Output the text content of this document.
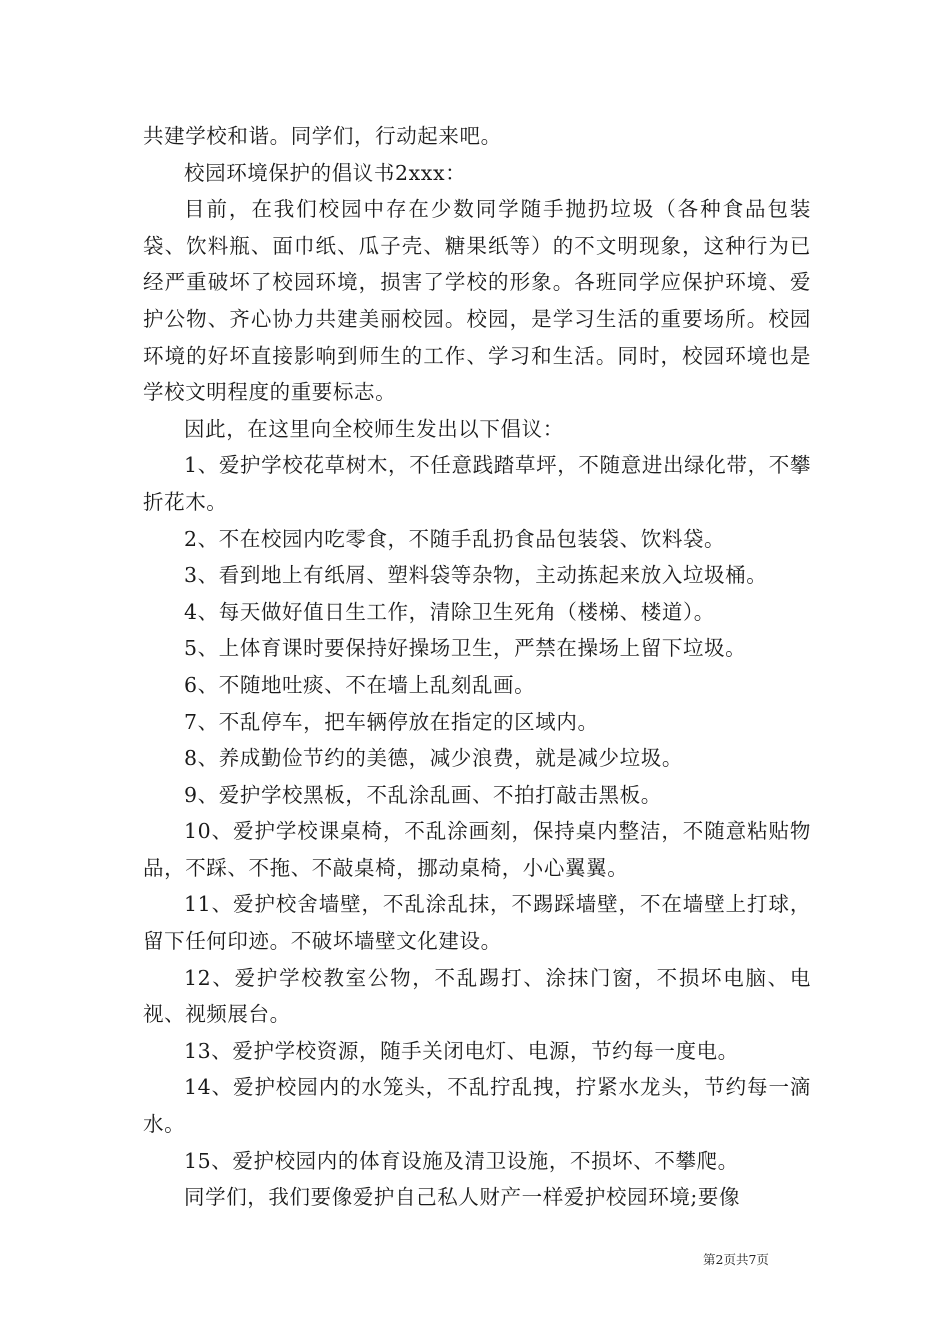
共建学校和谐。同学们，行动起来吧。

校园环境保护的倡议书2xxx：

目前，在我们校园中存在少数同学随手抛扔垃圾（各种食品包装袋、饮料瓶、面巾纸、瓜子壳、糖果纸等）的不文明现象，这种行为已经严重破坏了校园环境，损害了学校的形象。各班同学应保护环境、爱护公物、齐心协力共建美丽校园。校园，是学习生活的重要场所。校园环境的好坏直接影响到师生的工作、学习和生活。同时，校园环境也是学校文明程度的重要标志。

因此，在这里向全校师生发出以下倡议：

1、爱护学校花草树木，不任意践踏草坪，不随意进出绿化带，不攀折花木。

2、不在校园内吃零食，不随手乱扔食品包装袋、饮料袋。

3、看到地上有纸屑、塑料袋等杂物，主动拣起来放入垃圾桶。

4、每天做好值日生工作，清除卫生死角（楼梯、楼道）。

5、上体育课时要保持好操场卫生，严禁在操场上留下垃圾。

6、不随地吐痰、不在墙上乱刻乱画。

7、不乱停车，把车辆停放在指定的区域内。

8、养成勤俭节约的美德，减少浪费，就是减少垃圾。

9、爱护学校黑板，不乱涂乱画、不拍打敲击黑板。

10、爱护学校课桌椅，不乱涂画刻，保持桌内整洁，不随意粘贴物品，不踩、不拖、不敲桌椅，挪动桌椅，小心翼翼。

11、爱护校舍墙壁，不乱涂乱抹，不踢踩墙壁，不在墙壁上打球，留下任何印迹。不破坏墙壁文化建设。

12、爱护学校教室公物，不乱踢打、涂抹门窗，不损坏电脑、电视、视频展台。

13、爱护学校资源，随手关闭电灯、电源，节约每一度电。

14、爱护校园内的水笼头，不乱拧乱拽，拧紧水龙头，节约每一滴水。

15、爱护校园内的体育设施及清卫设施，不损坏、不攀爬。

同学们，我们要像爱护自己私人财产一样爱护校园环境;要像

第2页共7页
